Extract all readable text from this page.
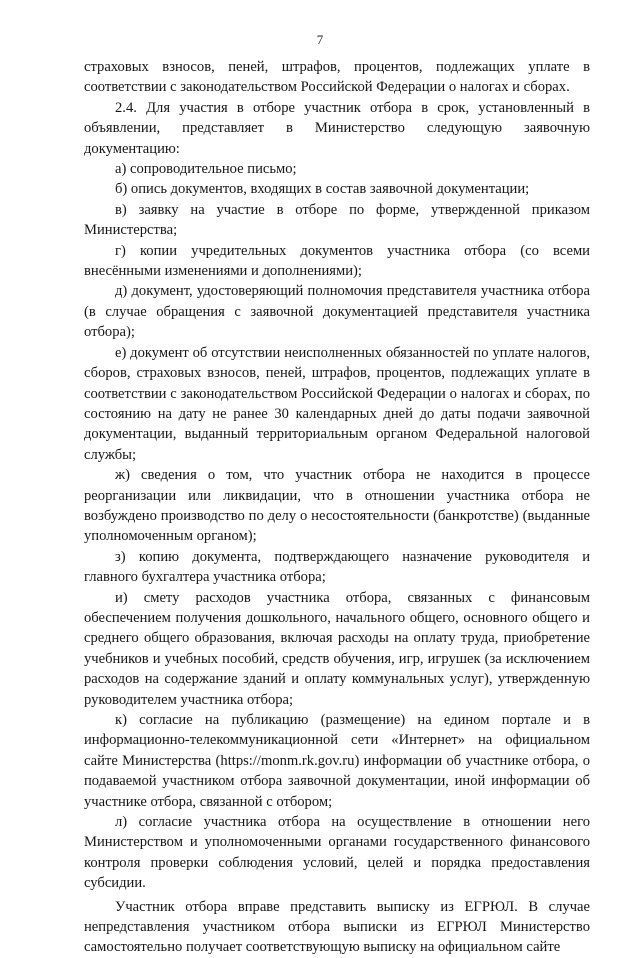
7

страховых взносов, пеней, штрафов, процентов, подлежащих уплате в соответствии с законодательством Российской Федерации о налогах и сборах.

2.4. Для участия в отборе участник отбора в срок, установленный в объявлении, представляет в Министерство следующую заявочную документацию:

а) сопроводительное письмо;

б) опись документов, входящих в состав заявочной документации;

в) заявку на участие в отборе по форме, утвержденной приказом Министерства;

г) копии учредительных документов участника отбора (со всеми внесёнными изменениями и дополнениями);

д) документ, удостоверяющий полномочия представителя участника отбора (в случае обращения с заявочной документацией представителя участника отбора);

е) документ об отсутствии неисполненных обязанностей по уплате налогов, сборов, страховых взносов, пеней, штрафов, процентов, подлежащих уплате в соответствии с законодательством Российской Федерации о налогах и сборах, по состоянию на дату не ранее 30 календарных дней до даты подачи заявочной документации, выданный территориальным органом Федеральной налоговой службы;

ж) сведения о том, что участник отбора не находится в процессе реорганизации или ликвидации, что в отношении участника отбора не возбуждено производство по делу о несостоятельности (банкротстве) (выданные уполномоченным органом);

з) копию документа, подтверждающего назначение руководителя и главного бухгалтера участника отбора;

и) смету расходов участника отбора, связанных с финансовым обеспечением получения дошкольного, начального общего, основного общего и среднего общего образования, включая расходы на оплату труда, приобретение учебников и учебных пособий, средств обучения, игр, игрушек (за исключением расходов на содержание зданий и оплату коммунальных услуг), утвержденную руководителем участника отбора;

к) согласие на публикацию (размещение) на едином портале и в информационно-телекоммуникационной сети «Интернет» на официальном сайте Министерства (https://monm.rk.gov.ru) информации об участнике отбора, о подаваемой участником отбора заявочной документации, иной информации об участнике отбора, связанной с отбором;

л) согласие участника отбора на осуществление в отношении него Министерством и уполномоченными органами государственного финансового контроля проверки соблюдения условий, целей и порядка предоставления субсидии.

Участник отбора вправе представить выписку из ЕГРЮЛ. В случае непредставления участником отбора выписки из ЕГРЮЛ Министерство самостоятельно получает соответствующую выписку на официальном сайте
